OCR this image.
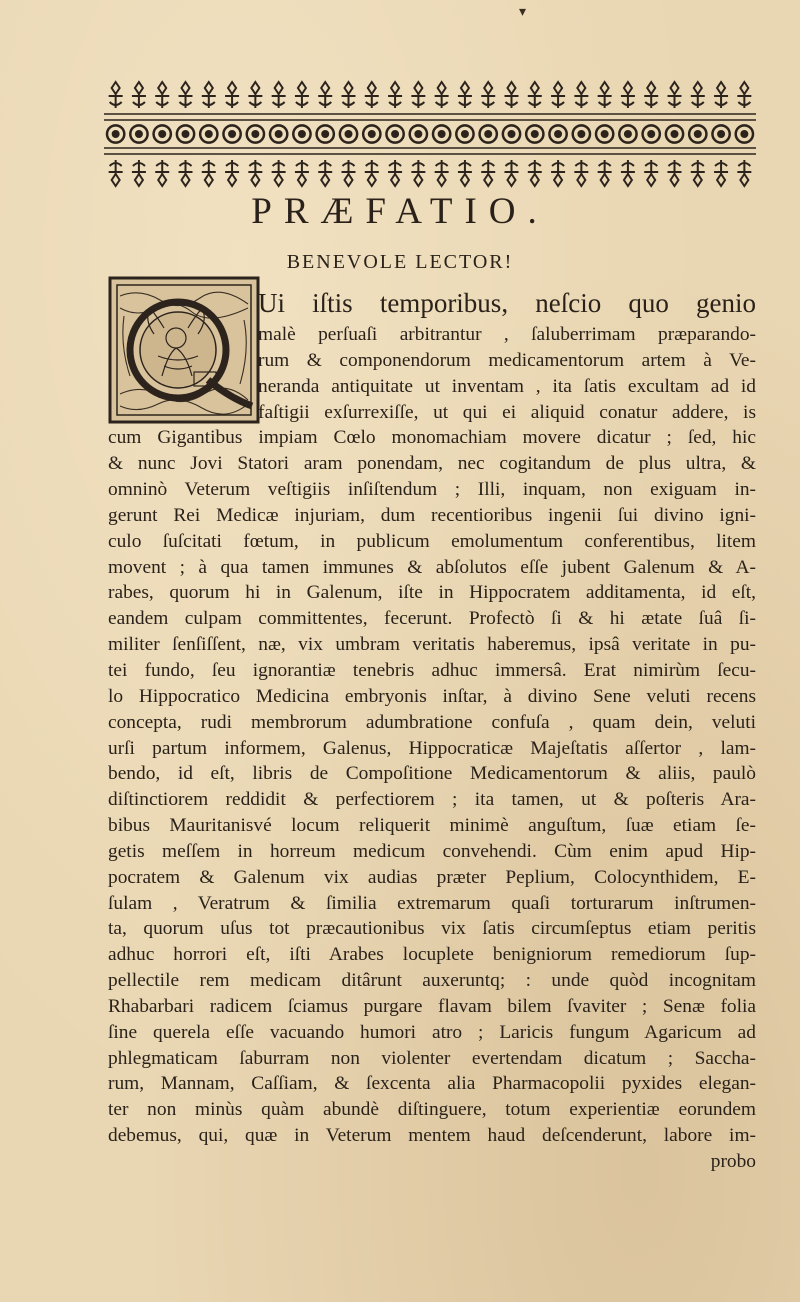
▾
PRÆFATIO.
BENEVOLE LECTOR!
Ui iſtis temporibus, neſcio quo genio
malè perſuaſi arbitrantur , ſaluberrimam præparando-
rum & componendorum medicamentorum artem à Ve-
neranda antiquitate ut inventam , ita ſatis excultam ad id
faſtigii exſurrexiſſe, ut qui ei aliquid conatur addere, is
cum Gigantibus impiam Cœlo monomachiam movere dicatur ; ſed, hic
& nunc Jovi Statori aram ponendam, nec cogitandum de plus ultra, &
omninò Veterum veſtigiis inſiſtendum ; Illi, inquam, non exiguam in-
gerunt Rei Medicæ injuriam, dum recentioribus ingenii ſui divino igni-
culo ſuſcitati fœtum, in publicum emolumentum conferentibus, litem
movent ; à qua tamen immunes & abſolutos eſſe jubent Galenum & A-
rabes, quorum hi in Galenum, iſte in Hippocratem additamenta, id eſt,
eandem culpam committentes, fecerunt. Profectò ſi & hi ætate ſuâ ſi-
militer ſenſiſſent, næ, vix umbram veritatis haberemus, ipsâ veritate in pu-
tei fundo, ſeu ignorantiæ tenebris adhuc immersâ. Erat nimirùm ſecu-
lo Hippocratico Medicina embryonis inſtar, à divino Sene veluti recens
concepta, rudi membrorum adumbratione confuſa , quam dein, veluti
urſi partum informem, Galenus, Hippocraticæ Majeſtatis aſſertor , lam-
bendo, id eſt, libris de Compoſitione Medicamentorum & aliis, paulò
diſtinctiorem reddidit & perfectiorem ; ita tamen, ut & poſteris Ara-
bibus Mauritanisvé locum reliquerit minimè anguſtum, ſuæ etiam ſe-
getis meſſem in horreum medicum convehendi. Cùm enim apud Hip-
pocratem & Galenum vix audias præter Peplium, Colocynthidem, E-
ſulam , Veratrum & ſimilia extremarum quaſi torturarum inſtrumen-
ta, quorum uſus tot præcautionibus vix ſatis circumſeptus etiam peritis
adhuc horrori eſt, iſti Arabes locuplete benigniorum remediorum ſup-
pellectile rem medicam ditârunt auxeruntq; : unde quòd incognitam
Rhabarbari radicem ſciamus purgare flavam bilem ſvaviter ; Senæ folia
ſine querela eſſe vacuando humori atro ; Laricis fungum Agaricum ad
phlegmaticam ſaburram non violenter evertendam dicatum ; Saccha-
rum, Mannam, Caſſiam, & ſexcenta alia Pharmacopolii pyxides elegan-
ter non minùs quàm abundè diſtinguere, totum experientiæ eorundem
debemus, qui, quæ in Veterum mentem haud deſcenderunt, labore im-
probo
